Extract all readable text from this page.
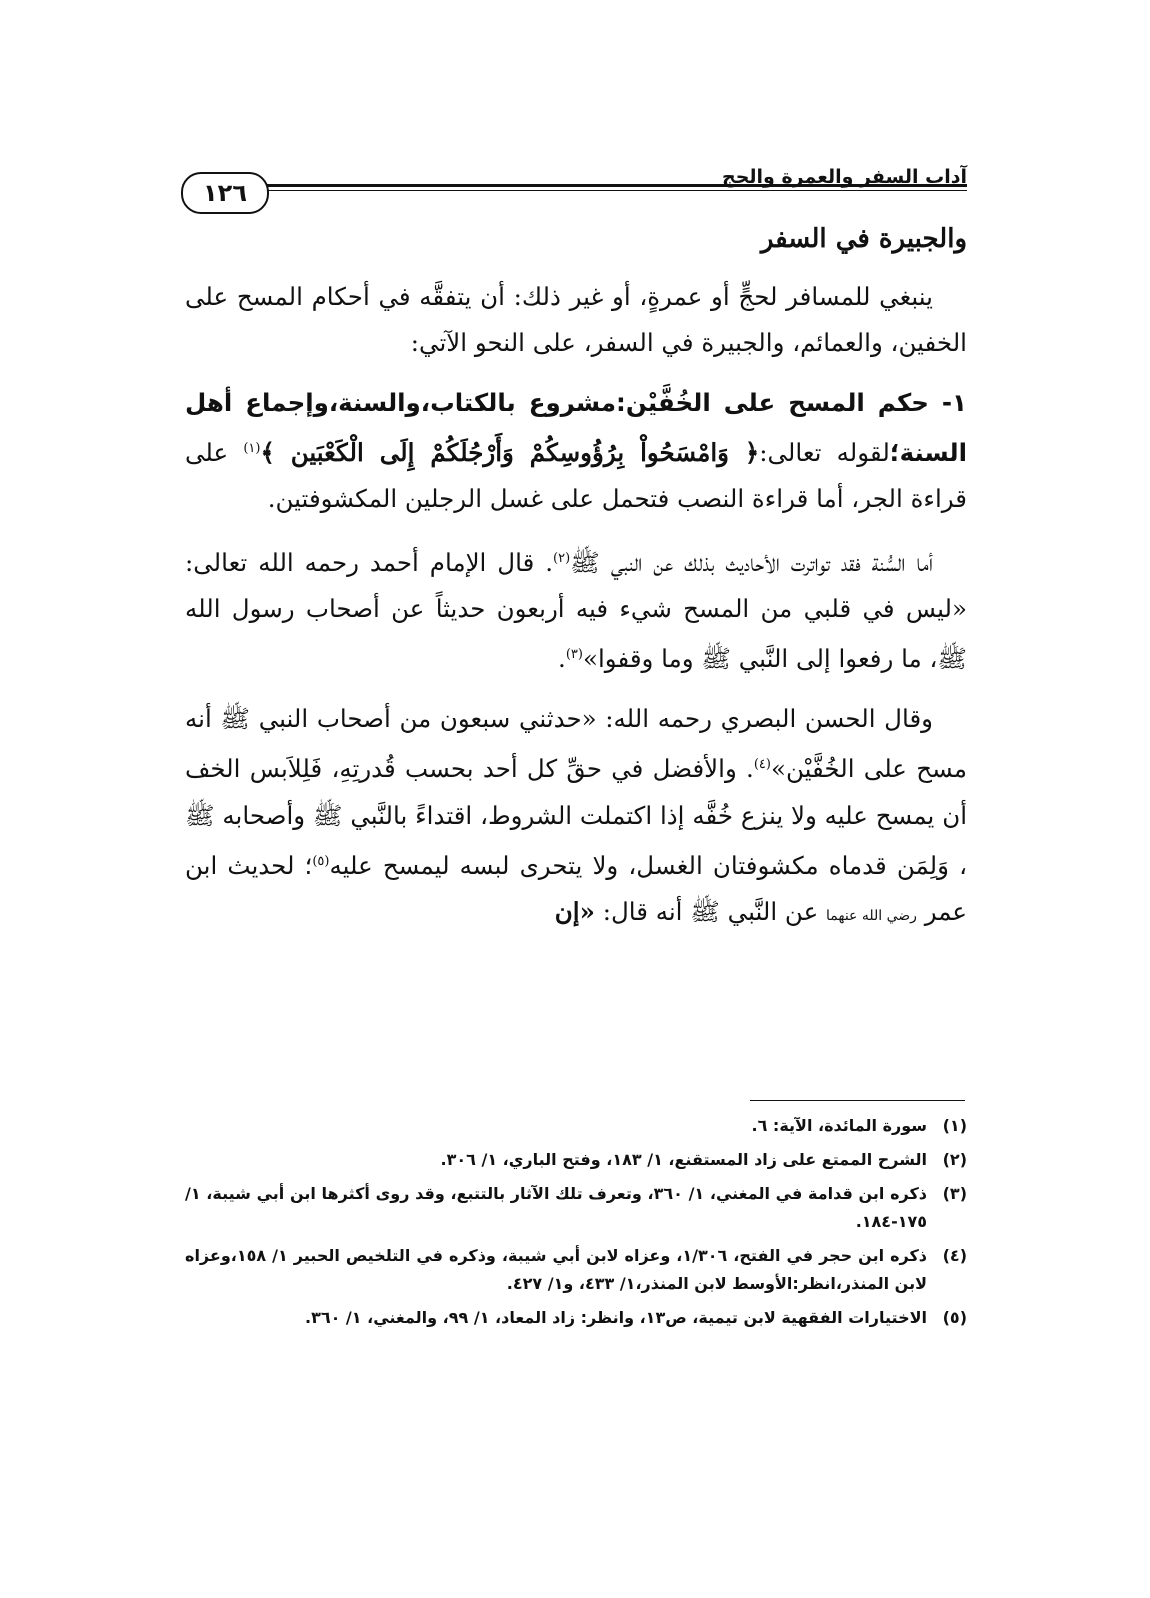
آداب السفر والعمرة والحج
١٢٦
والجبيرة في السفر

ينبغي للمسافر لحجٍّ أو عمرةٍ، أو غير ذلك: أن يتفقَّه في أحكام المسح على الخفين، والعمائم، والجبيرة في السفر، على النحو الآتي:

١- حكم المسح على الخُفَّيْن:مشروع بالكتاب،والسنة،وإجماع أهل السنة؛لقوله تعالى:﴿ وَامْسَحُواْ بِرُؤُوسِكُمْ وَأَرْجُلَكُمْ إِلَى الْكَعْبَين ﴾$^{(١)}$ على قراءة الجر، أما قراءة النصب فتحمل على غسل الرجلين المكشوفتين.

أما السُّنة فقد تواترت الأحاديث بذلك عن النبي ﷺ$^{(٢)}$. قال الإمام أحمد رحمه الله تعالى: «ليس في قلبي من المسح شيء فيه أربعون حديثاً عن أصحاب رسول الله ﷺ، ما رفعوا إلى النَّبي ﷺ وما وقفوا»$^{(٣)}$.

وقال الحسن البصري رحمه الله: «حدثني سبعون من أصحاب النبي ﷺ أنه مسح على الخُفَّيْن»$^{(٤)}$. والأفضل في حقِّ كل أحد بحسب قُدرتِهِ، فَلِلاَبس الخف أن يمسح عليه ولا ينزع خُفَّه إذا اكتملت الشروط، اقتداءً بالنَّبي ﷺ وأصحابه ﷺ ، وَلِمَن قدماه مكشوفتان الغسل، ولا يتحرى لبسه ليمسح عليه$^{(٥)}$؛ لحديث ابن عمر رضي الله عنهما عن النَّبي ﷺ أنه قال: «إن

(١)
سورة المائدة، الآية: ٦.
(٢)
الشرح الممتع على زاد المستقنع، ١/ ١٨٣، وفتح الباري، ١/ ٣٠٦.
(٣)
ذكره ابن قدامة في المغني، ١/ ٣٦٠، وتعرف تلك الآثار بالتتبع، وقد روى أكثرها ابن أبي شيبة، ١/ ١٧٥-١٨٤.
(٤)
ذكره ابن حجر في الفتح، ١/٣٠٦، وعزاه لابن أبي شيبة، وذكره في التلخيص الحبير ١/ ١٥٨،وعزاه لابن المنذر،انظر:الأوسط لابن المنذر،١/ ٤٣٣، و١/ ٤٢٧.
(٥)
الاختيارات الفقهية لابن تيمية، ص١٣، وانظر: زاد المعاد، ١/ ٩٩، والمغني، ١/ ٣٦٠.
